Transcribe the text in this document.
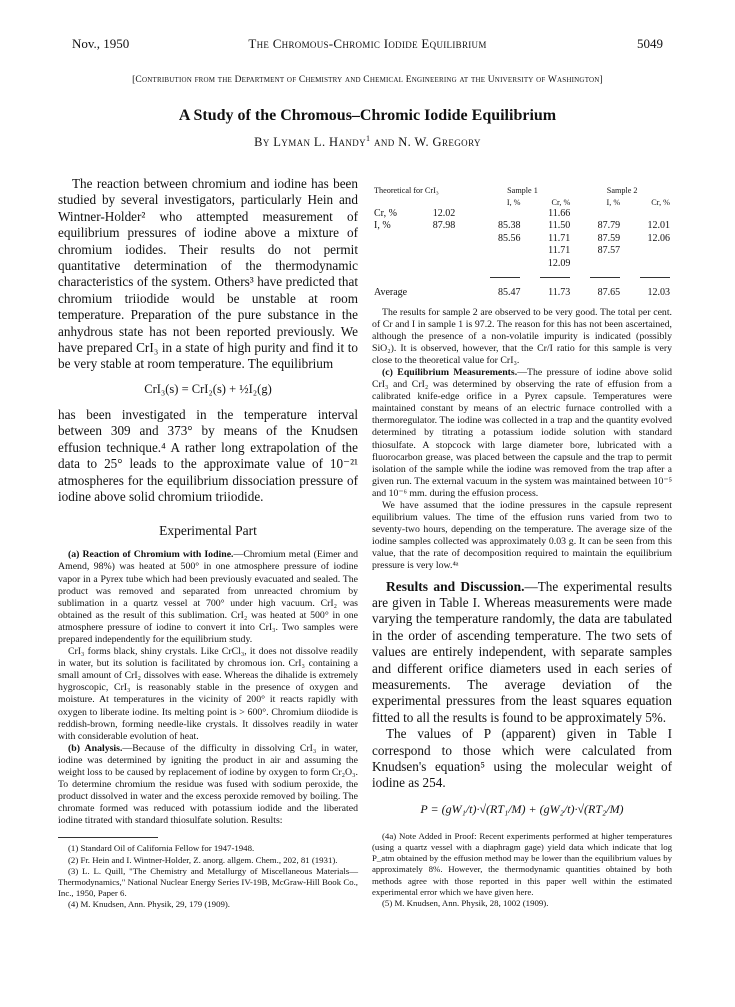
Nov., 1950	The Chromous-Chromic Iodide Equilibrium	5049
[Contribution from the Department of Chemistry and Chemical Engineering at the University of Washington]
A Study of the Chromous–Chromic Iodide Equilibrium
By Lyman L. Handy$^1$ and N. W. Gregory

The reaction between chromium and iodine has been studied by several investigators, particularly Hein and Wintner-Holder² who attempted measurement of equilibrium pressures of iodine above a mixture of chromium iodides. Their results do not permit quantitative determination of the thermodynamic characteristics of the system. Others³ have predicted that chromium triiodide would be unstable at room temperature. Preparation of the pure substance in the anhydrous state has not been reported previously. We have prepared CrI₃ in a state of high purity and find it to be very stable at room temperature. The equilibrium

CrI₃(s) = CrI₂(s) + ½I₂(g)

has been investigated in the temperature interval between 309 and 373° by means of the Knudsen effusion technique.⁴ A rather long extrapolation of the data to 25° leads to the approximate value of 10⁻²¹ atmospheres for the equilibrium dissociation pressure of iodine above solid chromium triiodide.

Experimental Part

(a) Reaction of Chromium with Iodine.—Chromium metal (Eimer and Amend, 98%) was heated at 500° in one atmosphere pressure of iodine vapor in a Pyrex tube which had been previously evacuated and sealed. The product was removed and separated from unreacted chromium by sublimation in a quartz vessel at 700° under high vacuum. CrI₂ was obtained as the result of this sublimation. CrI₂ was heated at 500° in one atmosphere pressure of iodine to convert it into CrI₃. Two samples were prepared independently for the equilibrium study.

CrI₃ forms black, shiny crystals. Like CrCl₃, it does not dissolve readily in water, but its solution is facilitated by chromous ion. CrI₃ containing a small amount of CrI₂ dissolves with ease. Whereas the dihalide is extremely hygroscopic, CrI₃ is reasonably stable in the presence of oxygen and moisture. At temperatures in the vicinity of 200° it reacts rapidly with oxygen to liberate iodine. Its melting point is > 600°. Chromium diiodide is reddish-brown, forming needle-like crystals. It dissolves readily in water with considerable evolution of heat.

(b) Analysis.—Because of the difficulty in dissolving CrI₃ in water, iodine was determined by igniting the product in air and assuming the weight loss to be caused by replacement of iodine by oxygen to form Cr₂O₃. To determine chromium the residue was fused with sodium peroxide, the product dissolved in water and the excess peroxide removed by boiling. The chromate formed was reduced with potassium iodide and the liberated iodine titrated with standard thiosulfate solution. Results:

(1) Standard Oil of California Fellow for 1947-1948.

(2) Fr. Hein and I. Wintner-Holder, Z. anorg. allgem. Chem., 202, 81 (1931).

(3) L. L. Quill, "The Chemistry and Metallurgy of Miscellaneous Materials—Thermodynamics," National Nuclear Energy Series IV-19B, McGraw-Hill Book Co., Inc., 1950, Paper 6.

(4) M. Knudsen, Ann. Physik, 29, 179 (1909).

Theoretical for CrI₃		Sample 1		Sample 2	
		I, %	Cr, %	I, %	Cr, %
Cr, %	12.02		11.66		
I, %	87.98	85.38	11.50	87.79	12.01
		85.56	11.71	87.59	12.06
			11.71	87.57	
			12.09		

Average		85.47	11.73	87.65	12.03

The results for sample 2 are observed to be very good. The total per cent. of Cr and I in sample 1 is 97.2. The reason for this has not been ascertained, although the presence of a non-volatile impurity is indicated (possibly SiO₂). It is observed, however, that the Cr/I ratio for this sample is very close to the theoretical value for CrI₃.

(c) Equilibrium Measurements.—The pressure of iodine above solid CrI₃ and CrI₂ was determined by observing the rate of effusion from a calibrated knife-edge orifice in a Pyrex capsule. Temperatures were maintained constant by means of an electric furnace controlled with a thermoregulator. The iodine was collected in a trap and the quantity evolved determined by titrating a potassium iodide solution with standard thiosulfate. A stopcock with large diameter bore, lubricated with a fluorocarbon grease, was placed between the capsule and the trap to permit isolation of the sample while the iodine was removed from the trap after a given run. The external vacuum in the system was maintained between 10⁻⁵ and 10⁻⁶ mm. during the effusion process.

We have assumed that the iodine pressures in the capsule represent equilibrium values. The time of the effusion runs varied from two to seventy-two hours, depending on the temperature. The average size of the iodine samples collected was approximately 0.03 g. It can be seen from this value, that the rate of decomposition required to maintain the equilibrium pressure is very low.⁴ᵃ

Results and Discussion.—The experimental results are given in Table I. Whereas measurements were made varying the temperature randomly, the data are tabulated in the order of ascending temperature. The two sets of values are entirely independent, with separate samples and different orifice diameters used in each series of measurements. The average deviation of the experimental pressures from the least squares equation fitted to all the results is found to be approximately 5%.

The values of P (apparent) given in Table I correspond to those which were calculated from Knudsen's equation⁵ using the molecular weight of iodine as 254.

P = (gW₁/t)·√(RT₁/M) + (gW₂/t)·√(RT₂/M)

(4a) Note Added in Proof: Recent experiments performed at higher temperatures (using a quartz vessel with a diaphragm gage) yield data which indicate that log P_atm obtained by the effusion method may be lower than the equilibrium values by approximately 8%. However, the thermodynamic quantities obtained by both methods agree with those reported in this paper well within the estimated experimental error which we have given here.

(5) M. Knudsen, Ann. Physik, 28, 1002 (1909).
